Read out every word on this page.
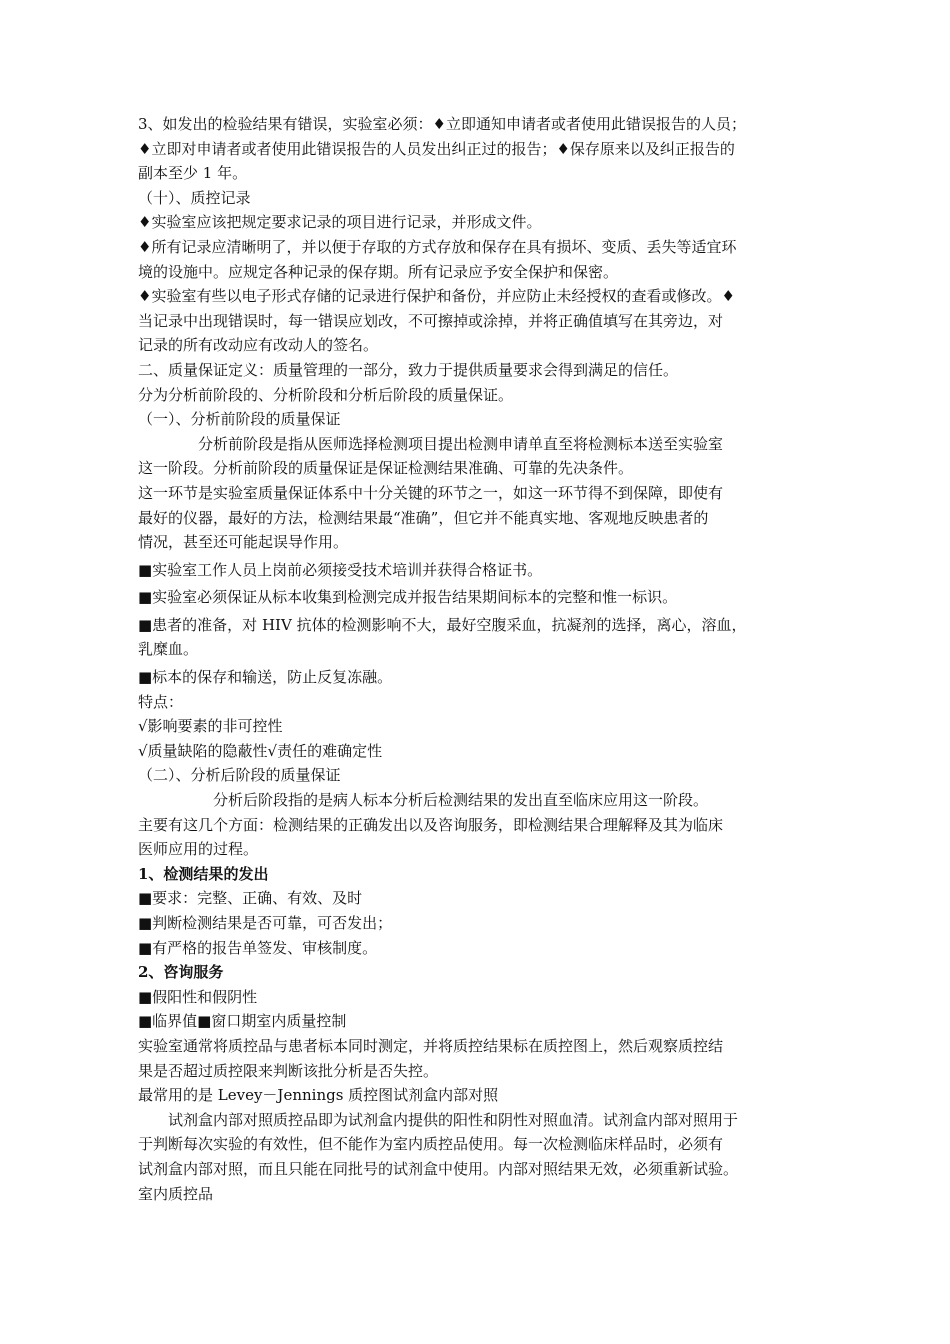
3、如发出的检验结果有错误，实验室必须：♦立即通知申请者或者使用此错误报告的人员；

♦立即对申请者或者使用此错误报告的人员发出纠正过的报告；♦保存原来以及纠正报告的

副本至少 1 年。

（十）、质控记录

♦实验室应该把规定要求记录的项目进行记录，并形成文件。

♦所有记录应清晰明了，并以便于存取的方式存放和保存在具有损坏、变质、丢失等适宜环

境的设施中。应规定各种记录的保存期。所有记录应予安全保护和保密。

♦实验室有些以电子形式存储的记录进行保护和备份，并应防止未经授权的查看或修改。♦

当记录中出现错误时，每一错误应划改，不可擦掉或涂掉，并将正确值填写在其旁边，对

记录的所有改动应有改动人的签名。

二、质量保证定义：质量管理的一部分，致力于提供质量要求会得到满足的信任。

分为分析前阶段的、分析阶段和分析后阶段的质量保证。

（一）、分析前阶段的质量保证

　　　　分析前阶段是指从医师选择检测项目提出检测申请单直至将检测标本送至实验室

这一阶段。分析前阶段的质量保证是保证检测结果准确、可靠的先决条件。

这一环节是实验室质量保证体系中十分关键的环节之一，如这一环节得不到保障，即使有

最好的仪器，最好的方法，检测结果最“准确”，但它并不能真实地、客观地反映患者的

情况，甚至还可能起误导作用。

■实验室工作人员上岗前必须接受技术培训并获得合格证书。

■实验室必须保证从标本收集到检测完成并报告结果期间标本的完整和惟一标识。

■患者的准备，对 HIV 抗体的检测影响不大，最好空腹采血，抗凝剂的选择，离心，溶血，

乳糜血。

■标本的保存和输送，防止反复冻融。

特点：

√影响要素的非可控性

√质量缺陷的隐蔽性√责任的难确定性

（二）、分析后阶段的质量保证

　　　　　分析后阶段指的是病人标本分析后检测结果的发出直至临床应用这一阶段。

主要有这几个方面：检测结果的正确发出以及咨询服务，即检测结果合理解释及其为临床

医师应用的过程。

1、检测结果的发出

■要求：完整、正确、有效、及时

■判断检测结果是否可靠，可否发出；

■有严格的报告单签发、审核制度。

2、咨询服务

■假阳性和假阴性

■临界值■窗口期室内质量控制

实验室通常将质控品与患者标本同时测定，并将质控结果标在质控图上，然后观察质控结

果是否超过质控限来判断该批分析是否失控。

最常用的是 Levey－Jennings 质控图试剂盒内部对照

　　试剂盒内部对照质控品即为试剂盒内提供的阳性和阴性对照血清。试剂盒内部对照用于

于判断每次实验的有效性，但不能作为室内质控品使用。每一次检测临床样品时，必须有

试剂盒内部对照，而且只能在同批号的试剂盒中使用。内部对照结果无效，必须重新试验。

室内质控品
